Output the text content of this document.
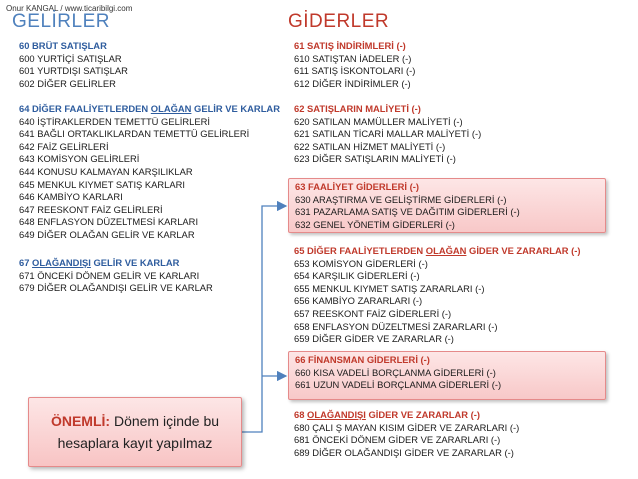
Onur KANGAL / www.ticaribilgi.com
GELİRLER
60 BRÜT SATIŞLAR
600 YURTİÇİ SATIŞLAR
601 YURTDIŞI SATIŞLAR
602 DİĞER GELİRLER
64 DİĞER FAALİYETLERDEN OLAĞAN GELİR VE KARLAR
640 İŞTİRAKLERDEN TEMETTÜ GELİRLERİ
641 BAĞLI ORTAKLIKLARDAN TEMETTÜ GELİRLERİ
642 FAİZ GELİRLERİ
643 KOMİSYON GELİRLERİ
644 KONUSU KALMAYAN KARŞILIKLAR
645 MENKUL KIYMET SATIŞ KARLARI
646 KAMBİYO KARLARI
647 REESKONT FAİZ GELİRLERİ
648 ENFLASYON DÜZELTMESİ KARLARI
649 DİĞER OLAĞAN GELİR VE KARLAR
67 OLAĞANDIŞI GELİR VE KARLAR
671 ÖNCEKİ DÖNEM GELİR VE KARLARI
679 DİĞER OLAĞANDIŞI GELİR VE KARLAR
GİDERLER
61 SATIŞ İNDİRİMLERİ (-)
610 SATIŞTAN İADELER (-)
611 SATIŞ İSKONTOLARI (-)
612 DİĞER İNDİRİMLER (-)
62 SATIŞLARIN MALİYETİ (-)
620 SATILAN MAMÜLLER MALİYETİ (-)
621 SATILAN TİCARİ MALLAR MALİYETİ (-)
622 SATILAN HİZMET MALİYETİ (-)
623 DİĞER SATIŞLARIN MALİYETİ (-)
63 FAALİYET GİDERLERİ (-)
630 ARAŞTIRMA VE GELİŞTİRME GİDERLERİ (-)
631 PAZARLAMA SATIŞ VE DAĞITIM GİDERLERİ (-)
632 GENEL YÖNETİM GİDERLERİ (-)
65 DİĞER FAALİYETLERDEN OLAĞAN GİDER VE ZARARLAR (-)
653 KOMİSYON GİDERLERİ (-)
654 KARŞILIK GİDERLERİ (-)
655 MENKUL KIYMET SATIŞ ZARARLARI (-)
656 KAMBİYO ZARARLARI (-)
657 REESKONT FAİZ GİDERLERİ (-)
658 ENFLASYON DÜZELTMESİ ZARARLARI (-)
659 DİĞER GİDER VE ZARARLAR (-)
66 FİNANSMAN GİDERLERİ (-)
660 KISA VADELİ BORÇLANMA GİDERLERİ (-)
661 UZUN VADELİ BORÇLANMA GİDERLERİ (-)
68 OLAĞANDIŞI GİDER VE ZARARLAR (-)
680 ÇALI Ş MAYAN KISIM GİDER VE ZARARLARI (-)
681 ÖNCEKİ DÖNEM GİDER VE ZARARLARI (-)
689 DİĞER OLAĞANDIŞI GİDER VE ZARARLAR (-)
ÖNEMLİ: Dönem içinde bu
hesaplara kayıt yapılmaz
